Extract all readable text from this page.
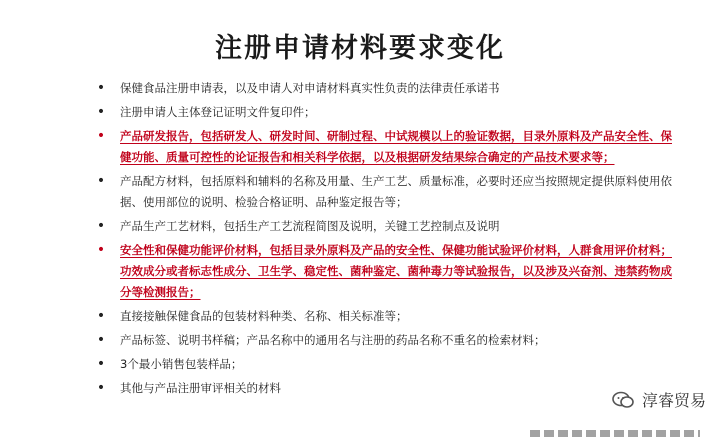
注册申请材料要求变化
• 保健食品注册申请表，以及申请人对申请材料真实性负责的法律责任承诺书
• 注册申请人主体登记证明文件复印件；
• 产品研发报告，包括研发人、研发时间、研制过程、中试规模以上的验证数据，目录外原料及产品安全性、保健功能、质量可控性的论证报告和相关科学依据，以及根据研发结果综合确定的产品技术要求等；
• 产品配方材料，包括原料和辅料的名称及用量、生产工艺、质量标准，必要时还应当按照规定提供原料使用依据、使用部位的说明、检验合格证明、品种鉴定报告等；
• 产品生产工艺材料，包括生产工艺流程简图及说明，关键工艺控制点及说明
• 安全性和保健功能评价材料，包括目录外原料及产品的安全性、保健功能试验评价材料，人群食用评价材料；功效成分或者标志性成分、卫生学、稳定性、菌种鉴定、菌种毒力等试验报告，以及涉及兴奋剂、违禁药物成分等检测报告；
• 直接接触保健食品的包装材料种类、名称、相关标准等；
• 产品标签、说明书样稿；产品名称中的通用名与注册的药品名称不重名的检索材料；
• 3个最小销售包装样品；
• 其他与产品注册审评相关的材料
淳睿贸易
